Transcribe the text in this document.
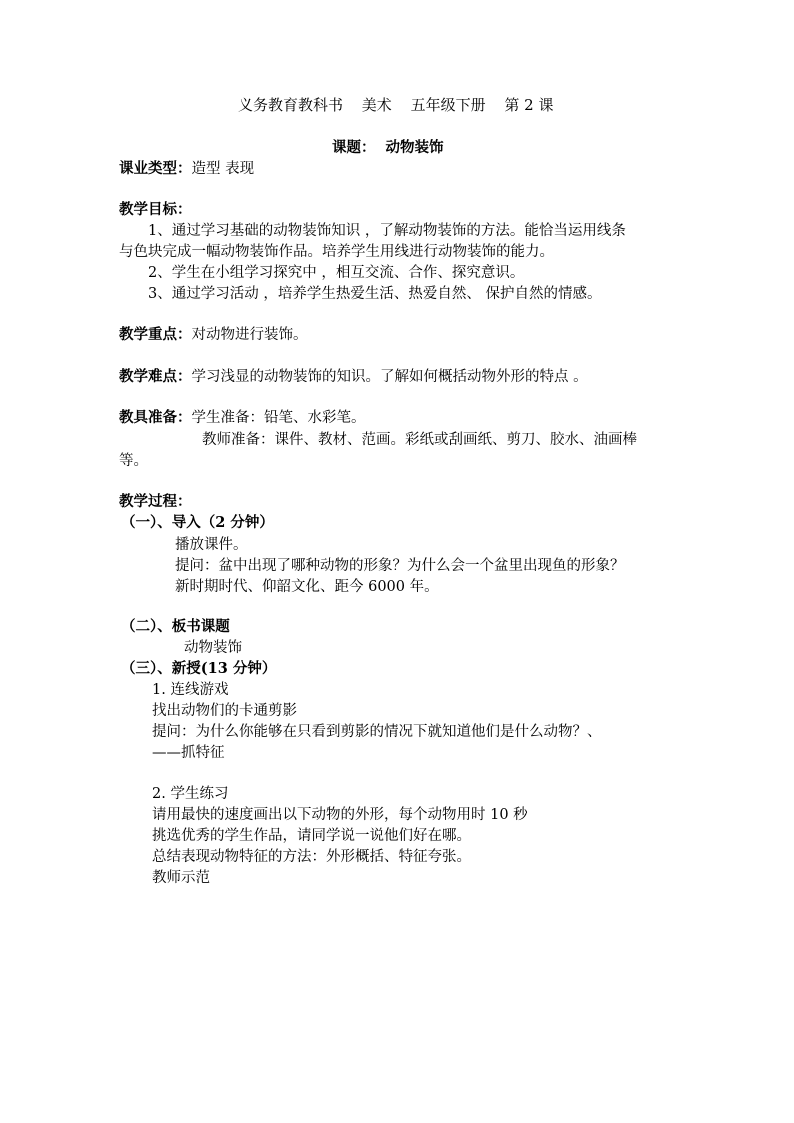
义务教育教科书 美术 五年级下册 第 2 课
课题： 动物装饰
课业类型：造型 表现
教学目标：
1、通过学习基础的动物装饰知识 ，了解动物装饰的方法。能恰当运用线条
与色块完成一幅动物装饰作品。培养学生用线进行动物装饰的能力。
2、学生在小组学习探究中 ，相互交流、合作、探究意识。
3、通过学习活动 ，培养学生热爱生活、热爱自然、 保护自然的情感。
教学重点：对动物进行装饰。
教学难点：学习浅显的动物装饰的知识。了解如何概括动物外形的特点 。
教具准备：学生准备：铅笔、水彩笔。
教师准备：课件、教材、范画。彩纸或刮画纸、剪刀、胶水、油画棒
等。
教学过程：
（一）、导入（2 分钟）
播放课件。
提问：盆中出现了哪种动物的形象？为什么会一个盆里出现鱼的形象？
新时期时代、仰韶文化、距今 6000 年。
（二）、板书课题
动物装饰
（三）、新授(13 分钟）
1. 连线游戏
找出动物们的卡通剪影
提问：为什么你能够在只看到剪影的情况下就知道他们是什么动物？、
——抓特征
2. 学生练习
请用最快的速度画出以下动物的外形，每个动物用时 10 秒
挑选优秀的学生作品，请同学说一说他们好在哪。
总结表现动物特征的方法：外形概括、特征夸张。
教师示范
